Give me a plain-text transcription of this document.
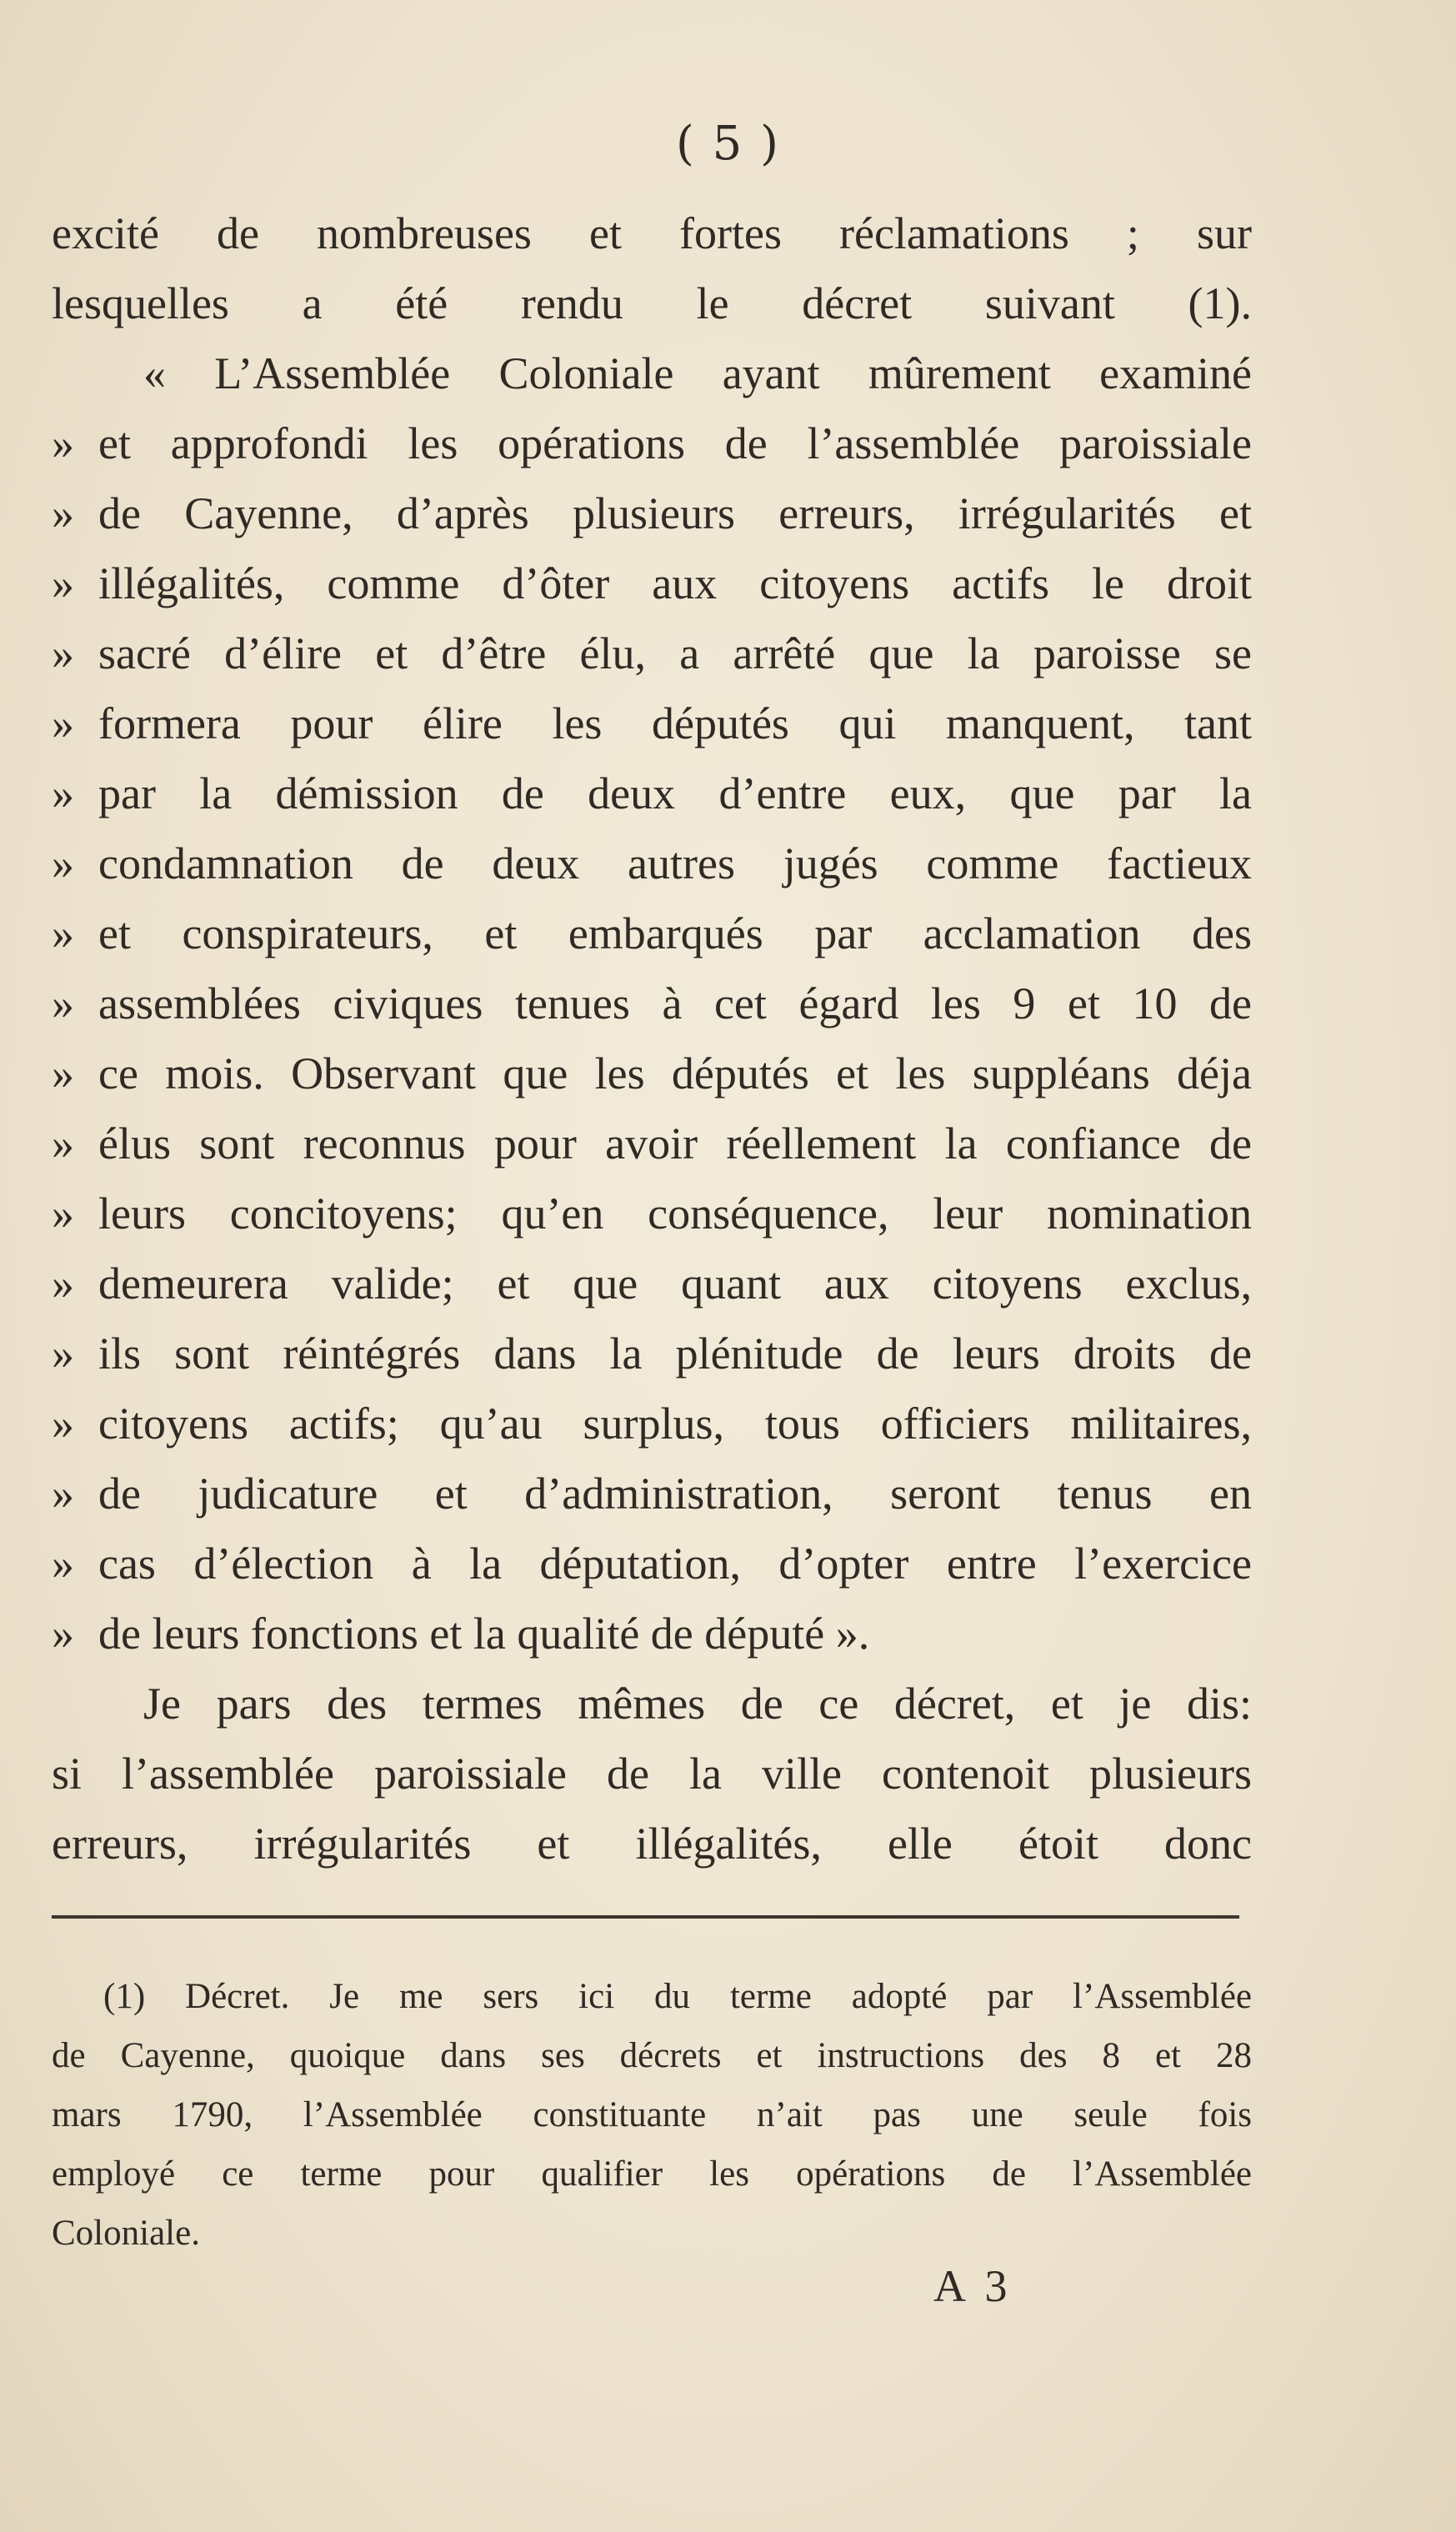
( 5 )
excité de nombreuses et fortes réclamations ; sur
lesquelles a été rendu le décret suivant (1).
« L’Assemblée Coloniale ayant mûrement examiné
» et approfondi les opérations de l’assemblée paroissiale
» de Cayenne, d’après plusieurs erreurs, irrégularités et
» illégalités, comme d’ôter aux citoyens actifs le droit
» sacré d’élire et d’être élu, a arrêté que la paroisse se
» formera pour élire les députés qui manquent, tant
» par la démission de deux d’entre eux, que par la
» condamnation de deux autres jugés comme factieux
» et conspirateurs, et embarqués par acclamation des
» assemblées civiques tenues à cet égard les 9 et 10 de
» ce mois. Observant que les députés et les suppléans déja
» élus sont reconnus pour avoir réellement la confiance de
» leurs concitoyens; qu’en conséquence, leur nomination
» demeurera valide; et que quant aux citoyens exclus,
» ils sont réintégrés dans la plénitude de leurs droits de
» citoyens actifs; qu’au surplus, tous officiers militaires,
» de judicature et d’administration, seront tenus en
» cas d’élection à la députation, d’opter entre l’exercice
» de leurs fonctions et la qualité de député ».
Je pars des termes mêmes de ce décret, et je dis:
si l’assemblée paroissiale de la ville contenoit plusieurs
erreurs, irrégularités et illégalités, elle étoit donc
(1) Décret. Je me sers ici du terme adopté par l’Assemblée
de Cayenne, quoique dans ses décrets et instructions des 8 et 28
mars 1790, l’Assemblée constituante n’ait pas une seule fois
employé ce terme pour qualifier les opérations de l’Assemblée
Coloniale.
A 3
